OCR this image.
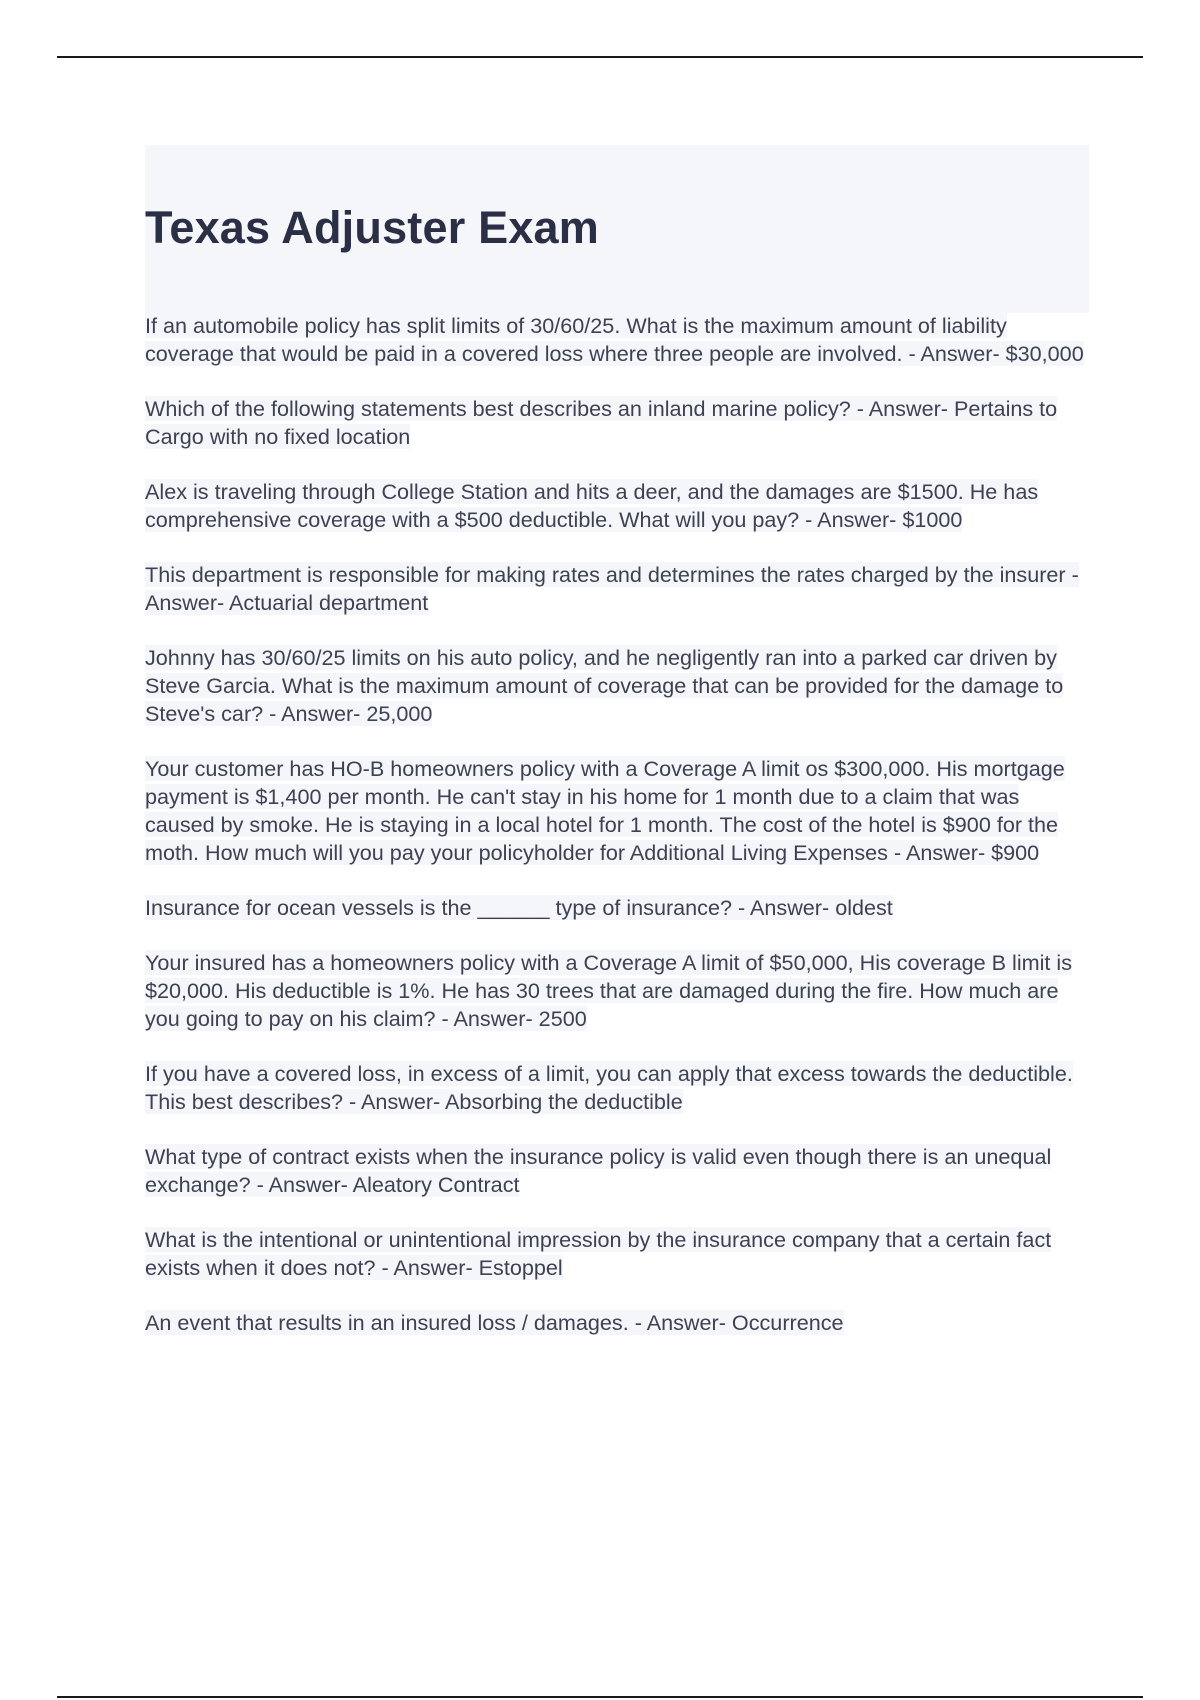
Texas Adjuster Exam

If an automobile policy has split limits of 30/60/25. What is the maximum amount of liability coverage that would be paid in a covered loss where three people are involved. - Answer- $30,000

Which of the following statements best describes an inland marine policy? - Answer- Pertains to Cargo with no fixed location

Alex is traveling through College Station and hits a deer, and the damages are $1500. He has comprehensive coverage with a $500 deductible. What will you pay? - Answer- $1000

This department is responsible for making rates and determines the rates charged by the insurer - Answer- Actuarial department

Johnny has 30/60/25 limits on his auto policy, and he negligently ran into a parked car driven by Steve Garcia. What is the maximum amount of coverage that can be provided for the damage to Steve's car? - Answer- 25,000

Your customer has HO-B homeowners policy with a Coverage A limit os $300,000. His mortgage payment is $1,400 per month. He can't stay in his home for 1 month due to a claim that was caused by smoke. He is staying in a local hotel for 1 month. The cost of the hotel is $900 for the moth. How much will you pay your policyholder for Additional Living Expenses - Answer- $900

Insurance for ocean vessels is the ______ type of insurance? - Answer- oldest

Your insured has a homeowners policy with a Coverage A limit of $50,000, His coverage B limit is $20,000. His deductible is 1%. He has 30 trees that are damaged during the fire. How much are you going to pay on his claim? - Answer- 2500

If you have a covered loss, in excess of a limit, you can apply that excess towards the deductible. This best describes? - Answer- Absorbing the deductible

What type of contract exists when the insurance policy is valid even though there is an unequal exchange? - Answer- Aleatory Contract

What is the intentional or unintentional impression by the insurance company that a certain fact exists when it does not? - Answer- Estoppel

An event that results in an insured loss / damages. - Answer- Occurrence
